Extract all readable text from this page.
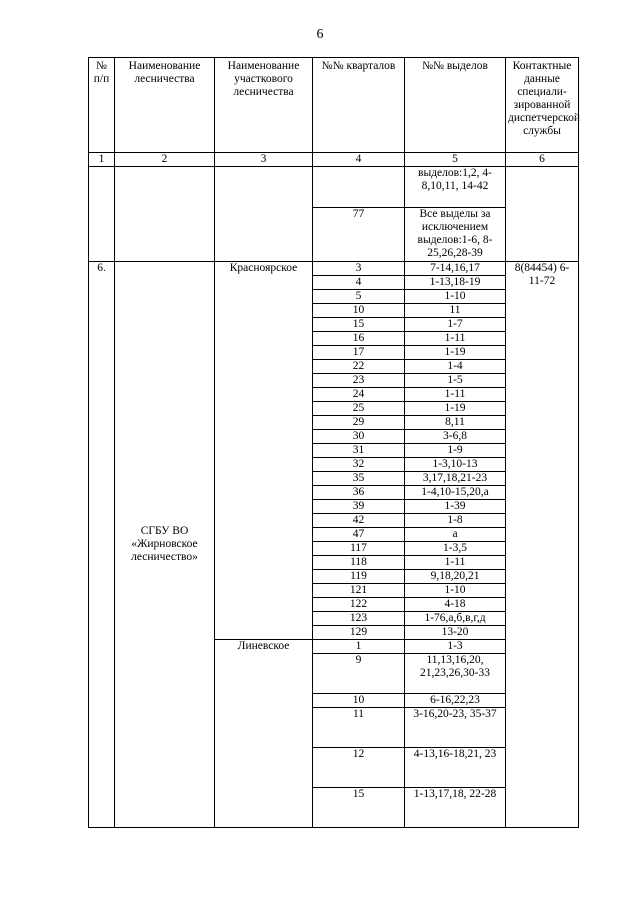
6
№ п/п	Наименование лесничества	Наименование участкового лесничества	№№ кварталов	№№ выделов	Контактные данные специали-зированной диспетчерской службы
1	2	3	4	5	6
				выделов:1,2, 4-8,10,11, 14-42	
			77	Все выделы за исключением выделов:1-6, 8-25,26,28-39	
6.	СГБУ ВО «Жирновское лесничество»	Красноярское	3	7-14,16,17	8(84454) 6-11-72
			4	1-13,18-19	
			5	1-10	
			10	11	
			15	1-7	
			16	1-11	
			17	1-19	
			22	1-4	
			23	1-5	
			24	1-11	
			25	1-19	
			29	8,11	
			30	3-6,8	
			31	1-9	
			32	1-3,10-13	
			35	3,17,18,21-23	
			36	1-4,10-15,20,а	
			39	1-39	
			42	1-8	
			47	а	
			117	1-3,5	
			118	1-11	
			119	9,18,20,21	
			121	1-10	
			122	4-18	
			123	1-76,а,б,в,г,д	
			129	13-20	
		Линевское	1	1-3	
			9	11,13,16,20, 21,23,26,30-33	
			10	6-16,22,23	
			11	3-16,20-23, 35-37	
			12	4-13,16-18,21, 23	
			15	1-13,17,18, 22-28	
